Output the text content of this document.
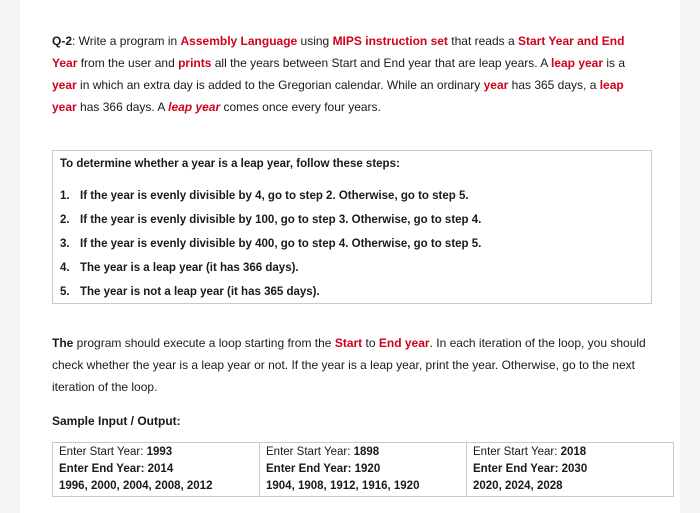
Q-2: Write a program in Assembly Language using MIPS instruction set that reads a Start Year and End Year from the user and prints all the years between Start and End year that are leap years. A leap year is a year in which an extra day is added to the Gregorian calendar. While an ordinary year has 365 days, a leap year has 366 days. A leap year comes once every four years.

To determine whether a year is a leap year, follow these steps:
1. If the year is evenly divisible by 4, go to step 2. Otherwise, go to step 5.
2. If the year is evenly divisible by 100, go to step 3. Otherwise, go to step 4.
3. If the year is evenly divisible by 400, go to step 4. Otherwise, go to step 5.
4. The year is a leap year (it has 366 days).
5. The year is not a leap year (it has 365 days).

The program should execute a loop starting from the Start to End year. In each iteration of the loop, you should check whether the year is a leap year or not. If the year is a leap year, print the year. Otherwise, go to the next iteration of the loop.

Sample Input / Output:
Enter Start Year: 1993
Enter End Year: 2014
1996, 2000, 2004, 2008, 2012

Enter Start Year: 1898
Enter End Year: 1920
1904, 1908, 1912, 1916, 1920

Enter Start Year: 2018
Enter End Year: 2030
2020, 2024, 2028
